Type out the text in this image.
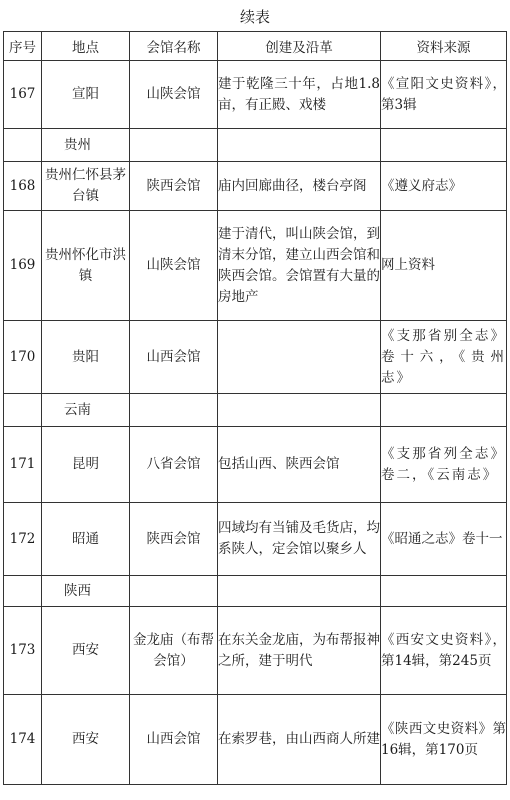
续表
序号	地点	会馆名称	创建及沿革	资料来源
167	宣阳	山陕会馆	建于乾隆三十年，占地1.8亩，有正殿、戏楼	《宣阳文史资料》，第3辑
	贵州			
168	贵州仁怀县茅台镇	陕西会馆	庙内回廊曲径，楼台亭阁	《遵义府志》
169	贵州怀化市洪镇	山陕会馆	建于清代，叫山陕会馆，到清末分馆，建立山西会馆和陕西会馆。会馆置有大量的房地产	网上资料
170	贵阳	山西会馆		《支那省别全志》卷十六，《贵州志》
	云南			
171	昆明	八省会馆	包括山西、陕西会馆	《支那省列全志》卷二，《云南志》
172	昭通	陕西会馆	四域均有当铺及毛货店，均系陕人，定会馆以聚乡人	《昭通之志》卷十一
	陕西			
173	西安	金龙庙（布帮会馆）	在东关金龙庙，为布帮报神之所，建于明代	《西安文史资料》，第14辑，第245页
174	西安	山西会馆	在索罗巷，由山西商人所建	《陕西文史资料》第16辑，第170页
